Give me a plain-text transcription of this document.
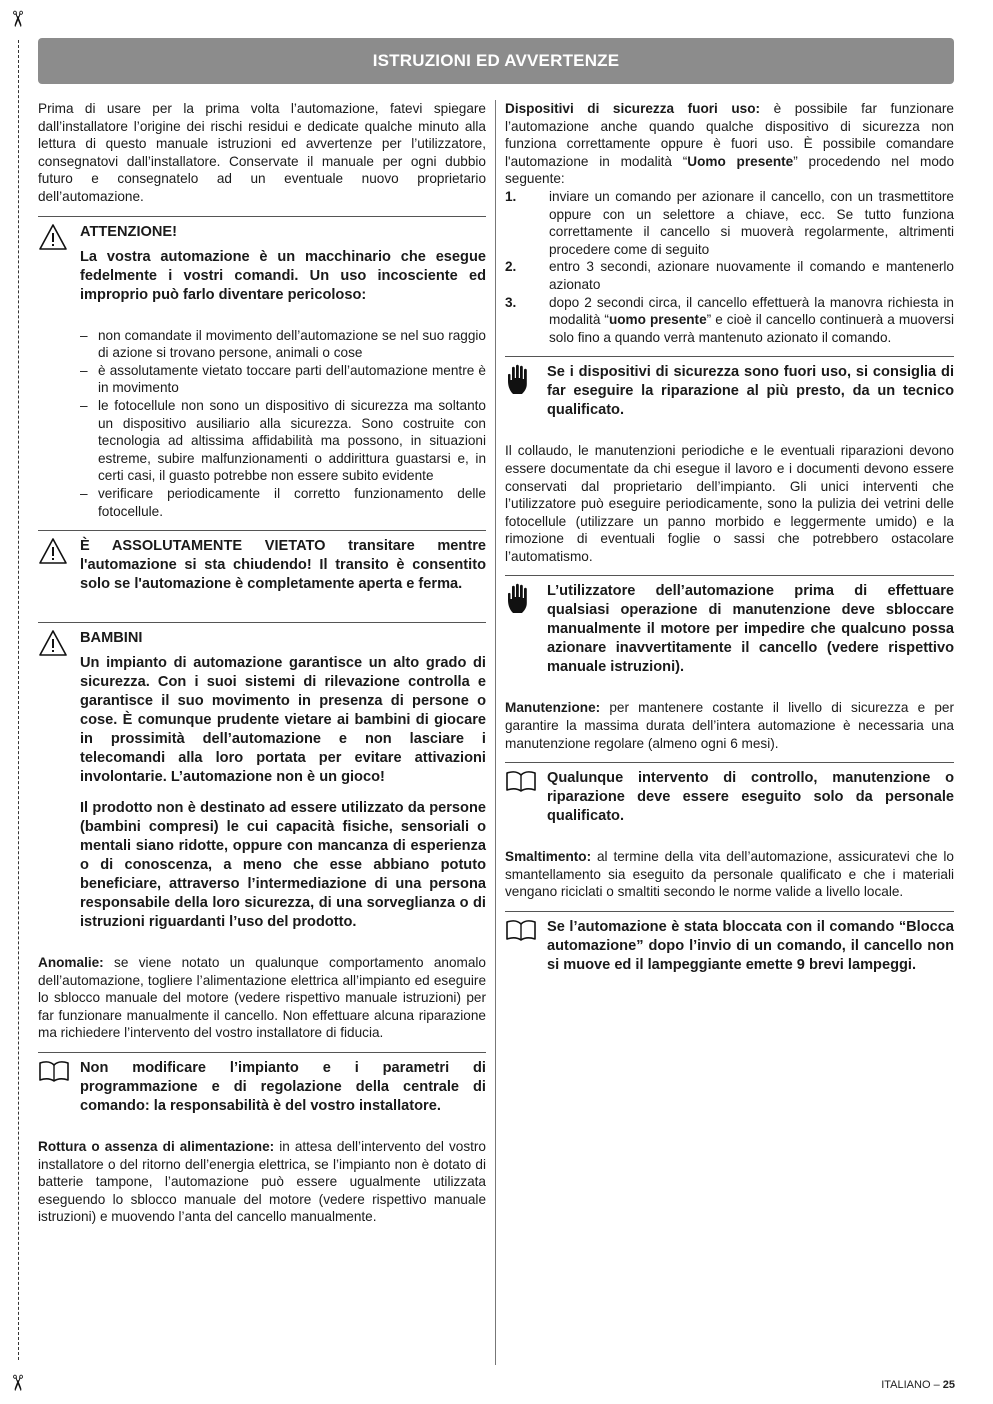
✂
✂
ISTRUZIONI ED AVVERTENZE

Prima di usare per la prima volta l’automazione, fatevi spiegare dall’installatore l’origine dei rischi residui e dedicate qualche minuto alla lettura di questo manuale istruzioni ed avvertenze per l’utilizzatore, consegnatovi dall’installatore. Conservate il manuale per ogni dubbio futuro e consegnatelo ad un eventuale nuovo proprietario dell’automazione.

ATTENZIONE!
La vostra automazione è un macchinario che esegue fedelmente i vostri comandi. Un uso incosciente ed improprio può farlo diventare pericoloso:
– non comandate il movimento dell’automazione se nel suo raggio di azione si trovano persone, animali o cose
– è assolutamente vietato toccare parti dell’automazione mentre è in movimento
– le fotocellule non sono un dispositivo di sicurezza ma soltanto un dispositivo ausiliario alla sicurezza. Sono costruite con tecnologia ad altissima affidabilità ma possono, in situazioni estreme, subire malfunzionamenti o addirittura guastarsi e, in certi casi, il guasto potrebbe non essere subito evidente
– verificare periodicamente il corretto funzionamento delle fotocellule.
È ASSOLUTAMENTE VIETATO transitare mentre l'automazione si sta chiudendo! Il transito è consentito solo se l'automazione è completamente aperta e ferma.
BAMBINI
Un impianto di automazione garantisce un alto grado di sicurezza. Con i suoi sistemi di rilevazione controlla e garantisce il suo movimento in presenza di persone o cose. È comunque prudente vietare ai bambini di giocare in prossimità dell’automazione e non lasciare i telecomandi alla loro portata per evitare attivazioni involontarie. L’automazione non è un gioco!
Il prodotto non è destinato ad essere utilizzato da persone (bambini compresi) le cui capacità fisiche, sensoriali o mentali siano ridotte, oppure con mancanza di esperienza o di conoscenza, a meno che esse abbiano potuto beneficiare, attraverso l’intermediazione di una persona responsabile della loro sicurezza, di una sorveglianza o di istruzioni riguardanti l’uso del prodotto.

Anomalie: se viene notato un qualunque comportamento anomalo dell’automazione, togliere l’alimentazione elettrica all’impianto ed eseguire lo sblocco manuale del motore (vedere rispettivo manuale istruzioni) per far funzionare manualmente il cancello. Non effettuare alcuna riparazione ma richiedere l’intervento del vostro installatore di fiducia.

Non modificare l’impianto e i parametri di programmazione e di regolazione della centrale di comando: la responsabilità è del vostro installatore.

Rottura o assenza di alimentazione: in attesa dell’intervento del vostro installatore o del ritorno dell’energia elettrica, se l’impianto non è dotato di batterie tampone, l’automazione può essere ugualmente utilizzata eseguendo lo sblocco manuale del motore (vedere rispettivo manuale istruzioni) e muovendo l’anta del cancello manualmente.

Dispositivi di sicurezza fuori uso: è possibile far funzionare l’automazione anche quando qualche dispositivo di sicurezza non funziona correttamente oppure è fuori uso. È possibile comandare l'automazione in modalità “Uomo presente” procedendo nel modo seguente:

1.	inviare un comando per azionare il cancello, con un trasmettitore oppure con un selettore a chiave, ecc. Se tutto funziona correttamente il cancello si muoverà regolarmente, altrimenti procedere come di seguito
2.	entro 3 secondi, azionare nuovamente il comando e mantenerlo azionato
3.	dopo 2 secondi circa, il cancello effettuerà la manovra richiesta in modalità “uomo presente” e cioè il cancello continuerà a muoversi solo fino a quando verrà mantenuto azionato il comando.
Se i dispositivi di sicurezza sono fuori uso, si consiglia di far eseguire la riparazione al più presto, da un tecnico qualificato.

Il collaudo, le manutenzioni periodiche e le eventuali riparazioni devono essere documentate da chi esegue il lavoro e i documenti devono essere conservati dal proprietario dell’impianto. Gli unici interventi che l’utilizzatore può eseguire periodicamente, sono la pulizia dei vetrini delle fotocellule (utilizzare un panno morbido e leggermente umido) e la rimozione di eventuali foglie o sassi che potrebbero ostacolare l’automatismo.

L’utilizzatore dell’automazione prima di effettuare qualsiasi operazione di manutenzione deve sbloccare manualmente il motore per impedire che qualcuno possa azionare inavvertitamente il cancello (vedere rispettivo manuale istruzioni).

Manutenzione: per mantenere costante il livello di sicurezza e per garantire la massima durata dell’intera automazione è necessaria una manutenzione regolare (almeno ogni 6 mesi).

Qualunque intervento di controllo, manutenzione o riparazione deve essere eseguito solo da personale qualificato.

Smaltimento: al termine della vita dell’automazione, assicuratevi che lo smantellamento sia eseguito da personale qualificato e che i materiali vengano riciclati o smaltiti secondo le norme valide a livello locale.

Se l’automazione è stata bloccata con il comando “Blocca automazione” dopo l’invio di un comando, il cancello non si muove ed il lampeggiante emette 9 brevi lampeggi.
ITALIANO – 25
